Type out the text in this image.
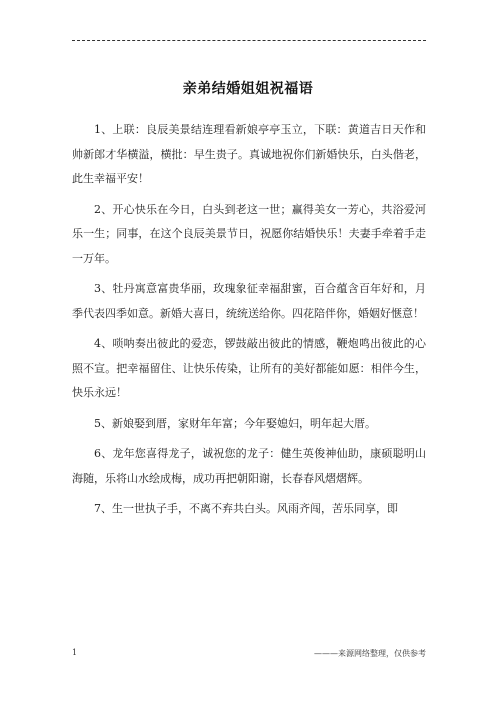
亲弟结婚姐姐祝福语

1、上联：良辰美景结连理看新娘亭亭玉立，下联：黄道吉日天作和帅新郎才华横溢，横批：早生贵子。真诚地祝你们新婚快乐，白头偕老，此生幸福平安！

2、开心快乐在今日，白头到老这一世；赢得美女一芳心，共浴爱河乐一生；同事，在这个良辰美景节日，祝愿你结婚快乐！夫妻手牵着手走一万年。

3、牡丹寓意富贵华丽，玫瑰象征幸福甜蜜，百合蕴含百年好和，月季代表四季如意。新婚大喜日，统统送给你。四花陪伴你，婚姻好惬意！

4、唢呐奏出彼此的爱恋，锣鼓敲出彼此的情感，鞭炮鸣出彼此的心照不宣。把幸福留住、让快乐传染，让所有的美好都能如愿：相伴今生，快乐永远！

5、新娘娶到厝，家财年年富；今年娶媳妇，明年起大厝。

6、龙年您喜得龙子，诚祝您的龙子：健生英俊神仙助，康硕聪明山海随，乐将山水绘成梅，成功再把朝阳谢，长春春风熠熠辉。

7、生一世执子手，不离不弃共白头。风雨齐闯，苦乐同享，即

1	———来源网络整理，仅供参考
